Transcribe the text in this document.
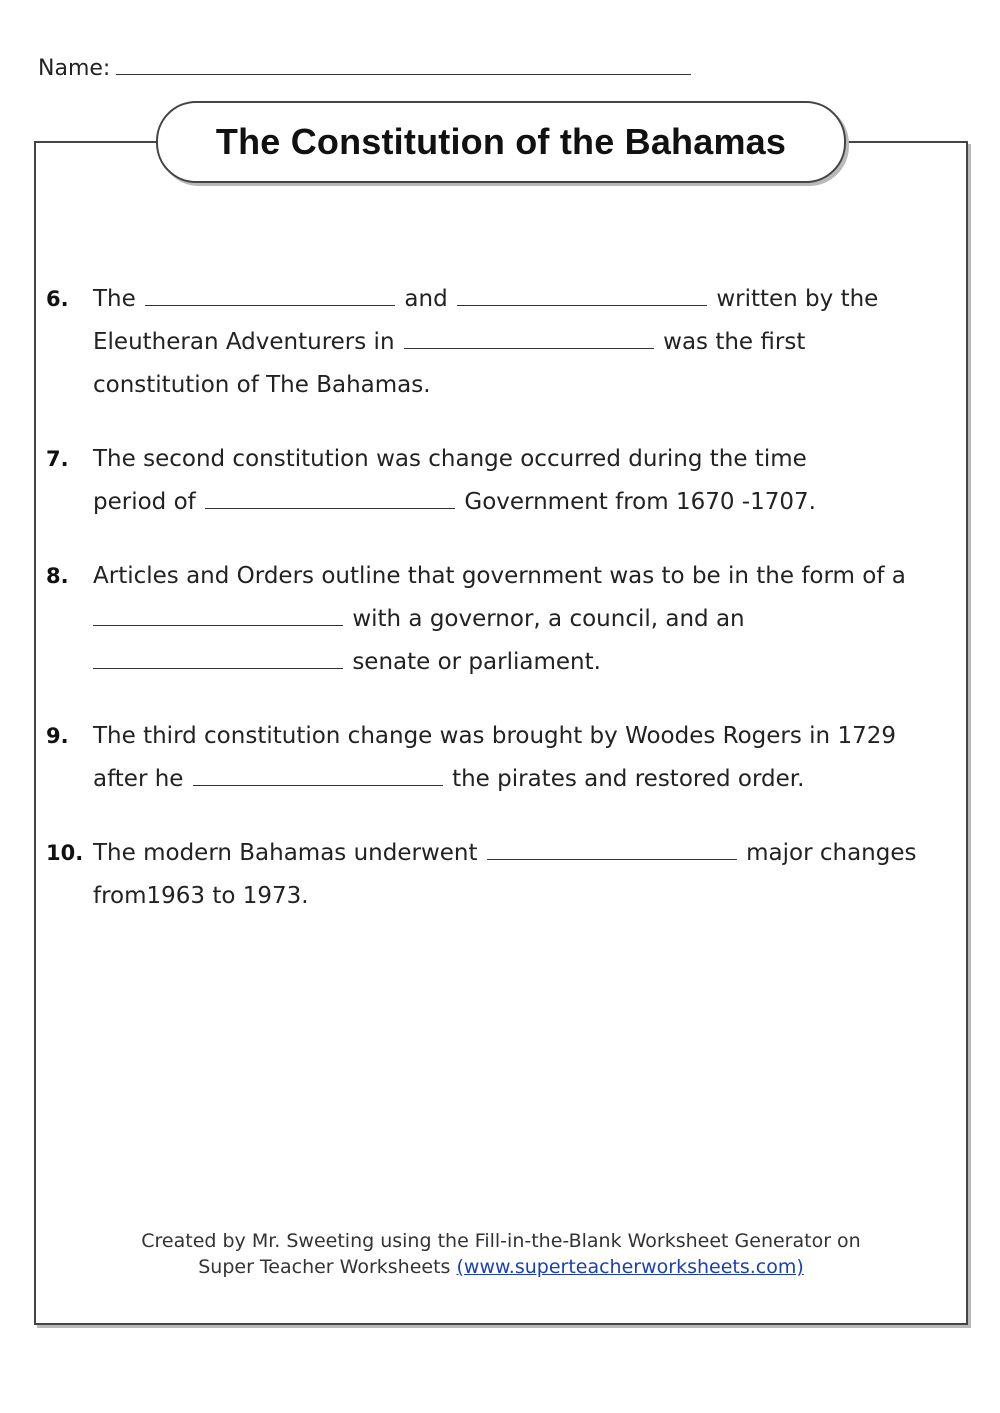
Name:
The Constitution of the Bahamas
6.	The	and	written by the
Eleutheran Adventurers in	was the first
constitution of The Bahamas.
7.	The second constitution was change occurred during the time
period of	Government from 1670 -1707.
8.	Articles and Orders outline that government was to be in the form of a
with a governor, a council, and an
senate or parliament.
9.	The third constitution change was brought by Woodes Rogers in 1729
after he	the pirates and restored order.
10. The modern Bahamas underwent	major changes
from1963 to 1973.
Created by Mr. Sweeting using the Fill-in-the-Blank Worksheet Generator on
Super Teacher Worksheets (www.superteacherworksheets.com)
